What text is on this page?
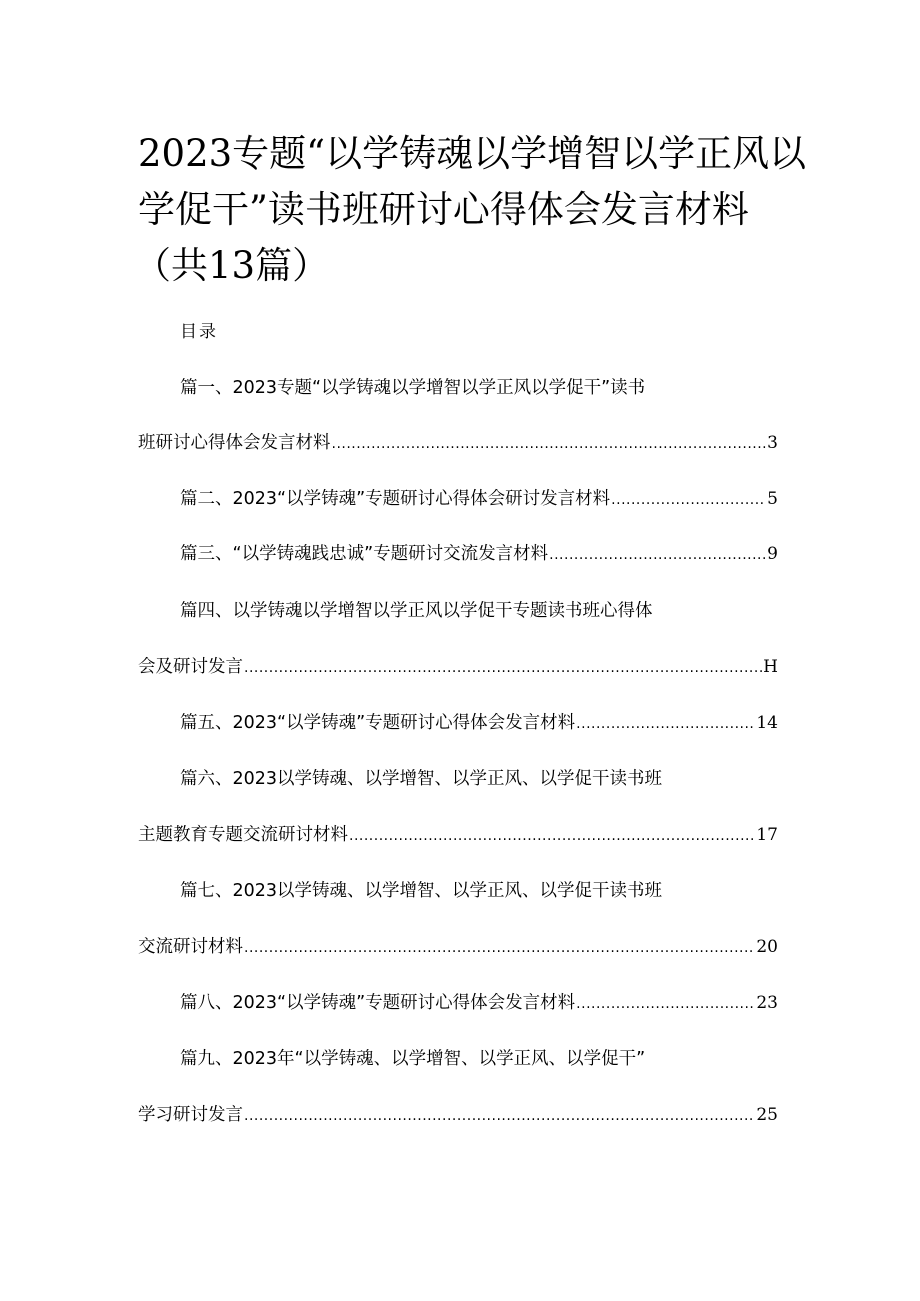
2023专题“以学铸魂以学增智以学正风以
学促干”读书班研讨心得体会发言材料
（共13篇）
目录
篇一、2023专题“以学铸魂以学增智以学正风以学促干”读书
班研讨心得体会发言材料 .....	3
篇二、2023“以学铸魂”专题研讨心得体会研讨发言材料 .....	5
篇三、“以学铸魂践忠诚”专题研讨交流发言材料 .....	9
篇四、以学铸魂以学增智以学正风以学促干专题读书班心得体
会及研讨发言 .....	H
篇五、2023“以学铸魂”专题研讨心得体会发言材料 .....	14
篇六、2023以学铸魂、以学增智、以学正风、以学促干读书班
主题教育专题交流研讨材料 .....	17
篇七、2023以学铸魂、以学增智、以学正风、以学促干读书班
交流研讨材料 .....	20
篇八、2023“以学铸魂”专题研讨心得体会发言材料 .....	23
篇九、2023年“以学铸魂、以学增智、以学正风、以学促干”
学习研讨发言 .....	25
